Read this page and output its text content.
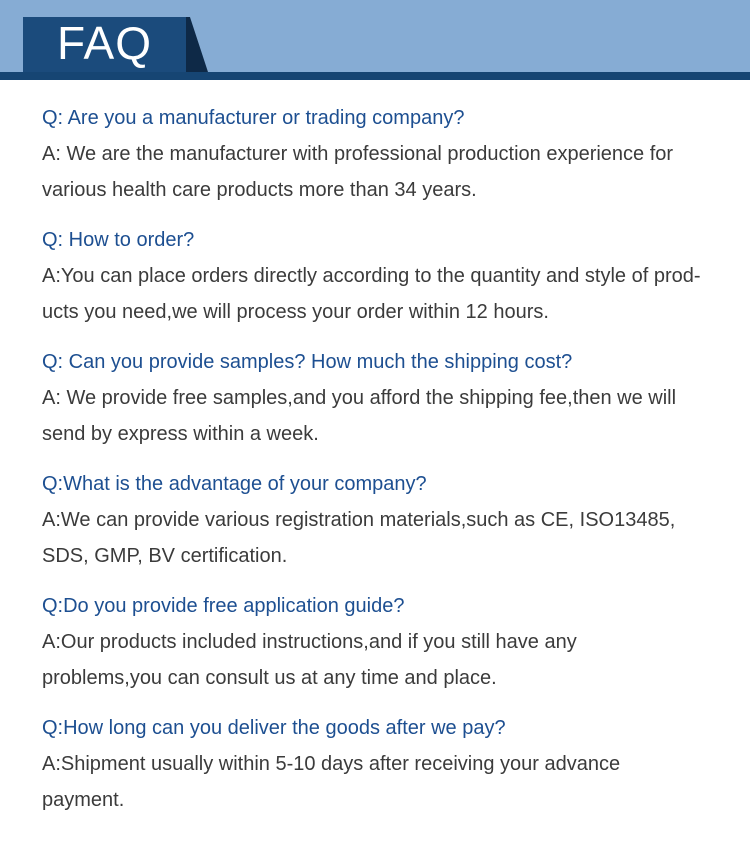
FAQ
Q: Are you a manufacturer or trading company?
A: We are the manufacturer with professional production experience for
various health care products more than 34 years.
Q: How to order?
A:You can place orders directly according to the quantity and style of prod-
ucts you need,we will process your order within 12 hours.
Q: Can you provide samples? How much the shipping cost?
A: We provide free samples,and you afford the shipping fee,then we will
send by express within a week.
Q:What is the advantage of your company?
A:We can provide various registration materials,such as CE, ISO13485,
SDS, GMP, BV certification.
Q:Do you provide free application guide?
A:Our products included instructions,and if you still have any
problems,you can consult us at any time and place.
Q:How long can you deliver the goods after we pay?
A:Shipment usually within 5-10 days after receiving your advance
payment.
